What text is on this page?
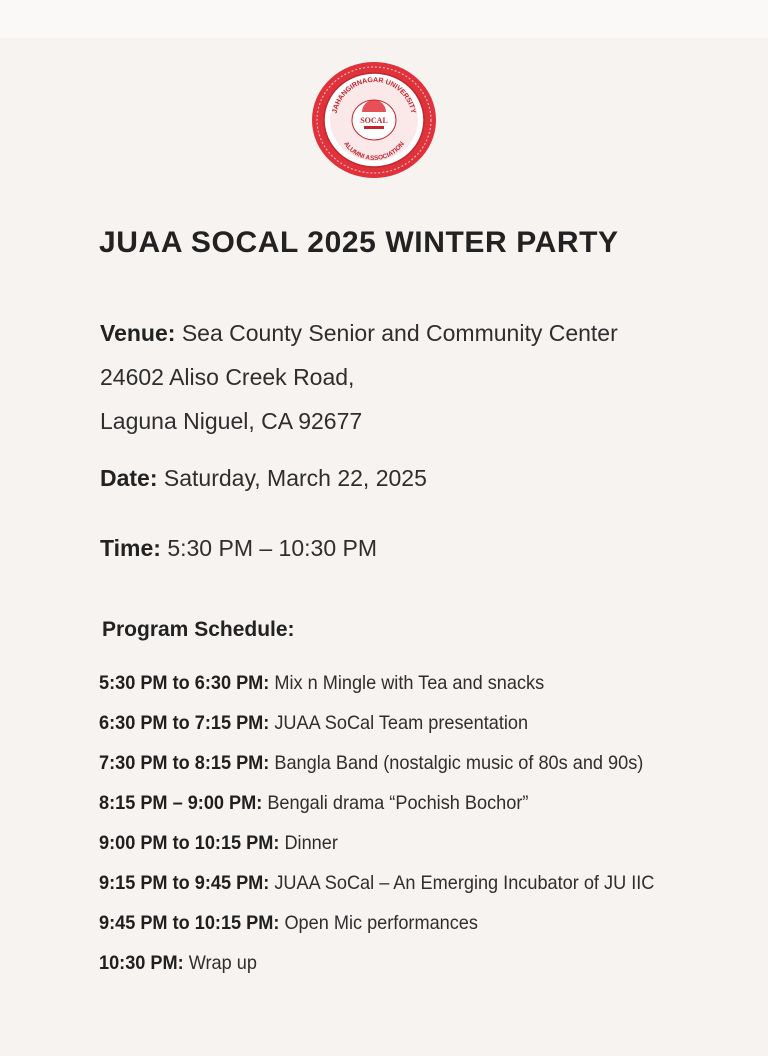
JAHANGIRNAGAR UNIVERSITY
ALUMNI ASSOCIATION
SOCAL
JUAA SOCAL 2025 WINTER PARTY
Venue: Sea County Senior and Community Center
24602 Aliso Creek Road,
Laguna Niguel, CA 92677
Date: Saturday, March 22, 2025
Time: 5:30 PM – 10:30 PM
Program Schedule:
5:30 PM to 6:30 PM: Mix n Mingle with Tea and snacks
6:30 PM to 7:15 PM: JUAA SoCal Team presentation
7:30 PM to 8:15 PM: Bangla Band (nostalgic music of 80s and 90s)
8:15 PM – 9:00 PM: Bengali drama “Pochish Bochor”
9:00 PM to 10:15 PM: Dinner
9:15 PM to 9:45 PM: JUAA SoCal – An Emerging Incubator of JU IIC
9:45 PM to 10:15 PM: Open Mic performances
10:30 PM: Wrap up
